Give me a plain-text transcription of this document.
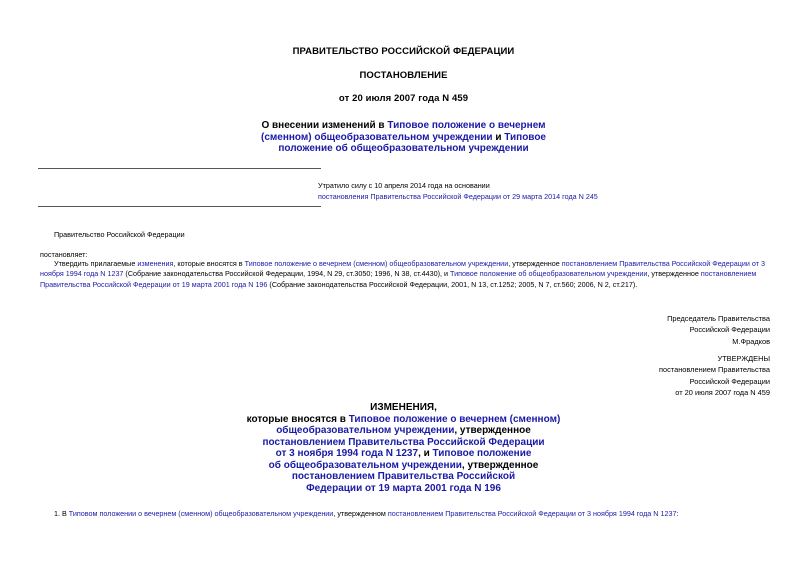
ПРАВИТЕЛЬСТВО РОССИЙСКОЙ ФЕДЕРАЦИИ
ПОСТАНОВЛЕНИЕ
от 20 июля 2007 года N 459
О внесении изменений в Типовое положение о вечернем
(сменном) общеобразовательном учреждении и Типовое
положение об общеобразовательном учреждении
Утратило силу с 10 апреля 2014 года на основании
постановления Правительства Российской Федерации от 29 марта 2014 года N 245
Правительство Российской Федерации
постановляет:
Утвердить прилагаемые изменения, которые вносятся в Типовое положение о вечернем (сменном) общеобразовательном учреждении, утвержденное постановлением Правительства Российской Федерации от 3 ноября 1994 года N 1237 (Собрание законодательства Российской Федерации, 1994, N 29, ст.3050; 1996, N 38, ст.4430), и Типовое положение об общеобразовательном учреждении, утвержденное постановлением Правительства Российской Федерации от 19 марта 2001 года N 196 (Собрание законодательства Российской Федерации, 2001, N 13, ст.1252; 2005, N 7, ст.560; 2006, N 2, ст.217).
Председатель Правительства
Российской Федерации
М.Фрадков
УТВЕРЖДЕНЫ
постановлением Правительства
Российской Федерации
от 20 июля 2007 года N 459
ИЗМЕНЕНИЯ,
которые вносятся в Типовое положение о вечернем (сменном)
общеобразовательном учреждении, утвержденное
постановлением Правительства Российской Федерации
от 3 ноября 1994 года N 1237, и Типовое положение
об общеобразовательном учреждении, утвержденное
постановлением Правительства Российской
Федерации от 19 марта 2001 года N 196
1. В Типовом положении о вечернем (сменном) общеобразовательном учреждении, утвержденном постановлением Правительства Российской Федерации от 3 ноября 1994 года N 1237:
